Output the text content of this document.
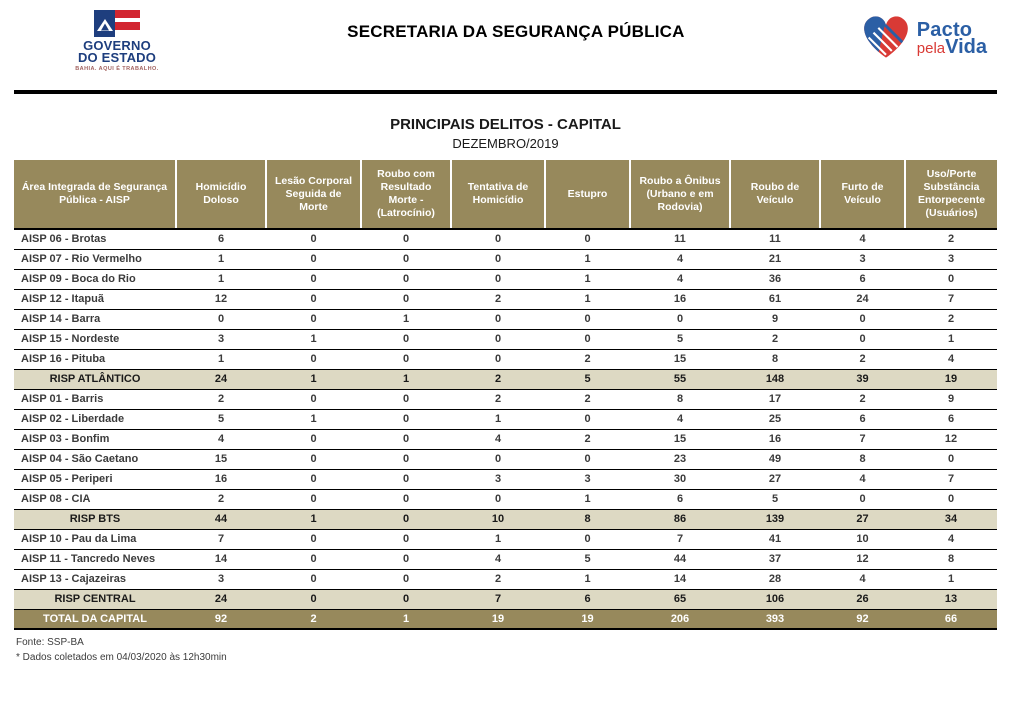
GOVERNO
DO ESTADO
BAHIA. AQUI É TRABALHO.
SECRETARIA DA SEGURANÇA PÚBLICA	Pacto
pelaVida
PRINCIPAIS DELITOS - CAPITAL
DEZEMBRO/2019
Área Integrada de Segurança Pública - AISP	Homicídio Doloso	Lesão Corporal Seguida de Morte	Roubo com Resultado Morte - (Latrocínio)	Tentativa de Homicídio	Estupro	Roubo a Ônibus (Urbano e em Rodovia)	Roubo de Veículo	Furto de Veículo	Uso/Porte Substância Entorpecente (Usuários)
AISP 06 - Brotas	6	0	0	0	0	11	11	4	2
AISP 07 - Rio Vermelho	1	0	0	0	1	4	21	3	3
AISP 09 - Boca do Rio	1	0	0	0	1	4	36	6	0
AISP 12 - Itapuã	12	0	0	2	1	16	61	24	7
AISP 14 - Barra	0	0	1	0	0	0	9	0	2
AISP 15 - Nordeste	3	1	0	0	0	5	2	0	1
AISP 16 - Pituba	1	0	0	0	2	15	8	2	4
RISP ATLÂNTICO	24	1	1	2	5	55	148	39	19
AISP 01 - Barris	2	0	0	2	2	8	17	2	9
AISP 02 - Liberdade	5	1	0	1	0	4	25	6	6
AISP 03 - Bonfim	4	0	0	4	2	15	16	7	12
AISP 04 - São Caetano	15	0	0	0	0	23	49	8	0
AISP 05 - Periperi	16	0	0	3	3	30	27	4	7
AISP 08 - CIA	2	0	0	0	1	6	5	0	0
RISP BTS	44	1	0	10	8	86	139	27	34
AISP 10 - Pau da Lima	7	0	0	1	0	7	41	10	4
AISP 11 - Tancredo Neves	14	0	0	4	5	44	37	12	8
AISP 13 - Cajazeiras	3	0	0	2	1	14	28	4	1
RISP CENTRAL	24	0	0	7	6	65	106	26	13
TOTAL DA CAPITAL	92	2	1	19	19	206	393	92	66
Fonte: SSP-BA
* Dados coletados em 04/03/2020 às 12h30min
